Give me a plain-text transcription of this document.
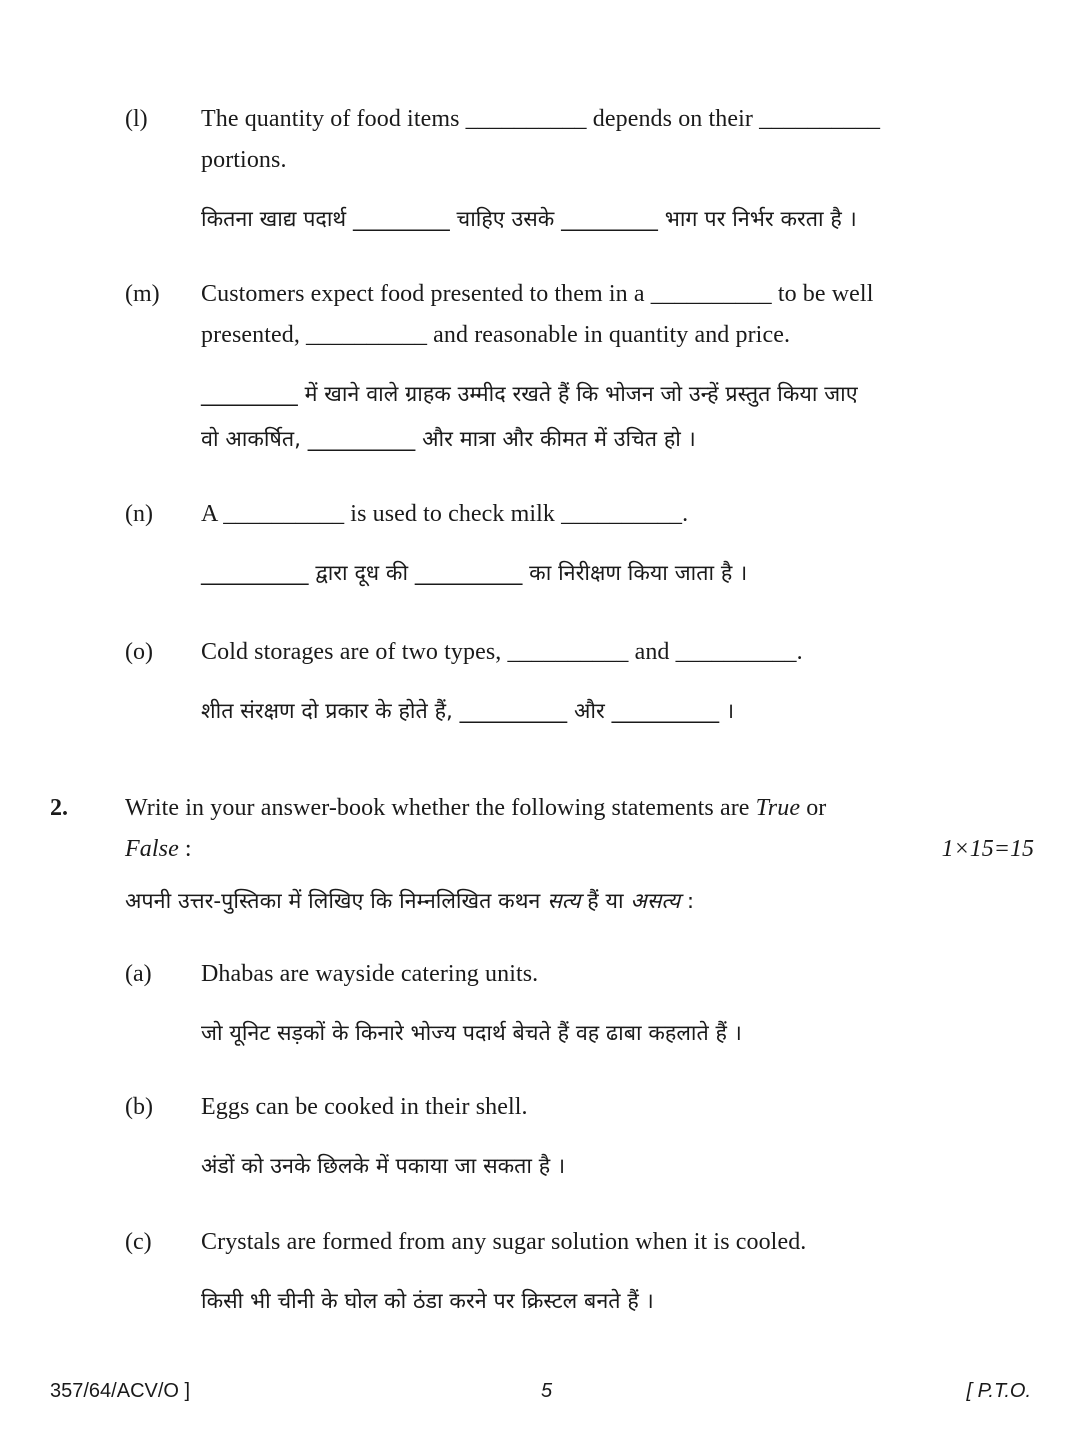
(l) The quantity of food items __________ depends on their __________
portions.
कितना खाद्य पदार्थ _________ चाहिए उसके _________ भाग पर निर्भर करता है ।
(m) Customers expect food presented to them in a __________ to be well
presented, __________ and reasonable in quantity and price.
_________ में खाने वाले ग्राहक उम्मीद रखते हैं कि भोजन जो उन्हें प्रस्तुत किया जाए
वो आकर्षित, __________ और मात्रा और कीमत में उचित हो ।
(n) A __________ is used to check milk __________.
__________ द्वारा दूध की __________ का निरीक्षण किया जाता है ।
(o) Cold storages are of two types, __________ and __________.
शीत संरक्षण दो प्रकार के होते हैं, __________ और __________ ।
2. Write in your answer-book whether the following statements are True or
False :	1×15=15
अपनी उत्तर-पुस्तिका में लिखिए कि निम्नलिखित कथन सत्य हैं या असत्य :
(a) Dhabas are wayside catering units.
जो यूनिट सड़कों के किनारे भोज्य पदार्थ बेचते हैं वह ढाबा कहलाते हैं ।
(b) Eggs can be cooked in their shell.
अंडों को उनके छिलके में पकाया जा सकता है ।
(c) Crystals are formed from any sugar solution when it is cooled.
किसी भी चीनी के घोल को ठंडा करने पर क्रिस्टल बनते हैं ।
357/64/ACV/O ]	5	[ P.T.O.
